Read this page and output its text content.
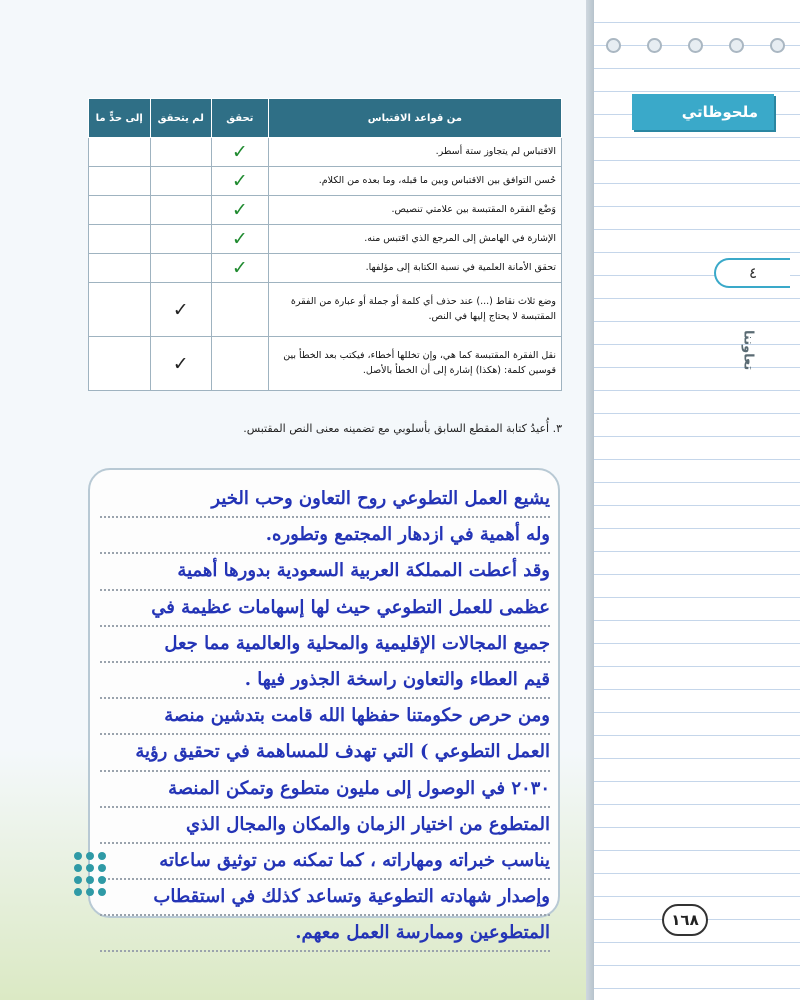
ملحوظاتي
٤
تعاوننا
من قواعد الاقتباس	تحقق	لم يتحقق	إلى حدٍّ ما
الاقتباس لم يتجاوز ستة أسطر.	✓		
حُسن التوافق بين الاقتباس وبين ما قبله، وما بعده من الكلام.	✓		
وَضْع الفقرة المقتبسة بين علامتي تنصيص.	✓		
الإشارة في الهامش إلى المرجع الذي اقتبس منه.	✓		
تحقق الأمانة العلمية في نسبة الكتابة إلى مؤلفها.	✓		
وضع ثلاث نقاط (...) عند حذف أي كلمة أو جملة أو عبارة من الفقرة المقتبسة لا يحتاج إليها في النص.		✓	
نقل الفقرة المقتبسة كما هي، وإن تخللها أخطاء، فيكتب بعد الخطأ بين قوسين كلمة: (هكذا) إشارة إلى أن الخطأ بالأصل.		✓	
٣. أُعيدُ كتابة المقطع السابق بأسلوبي مع تضمينه معنى النص المقتبس.
يشيع العمل التطوعي روح التعاون وحب الخير
وله أهمية في ازدهار المجتمع وتطوره.
وقد أعطت المملكة العربية السعودية بدورها أهمية
عظمى للعمل التطوعي حيث لها إسهامات عظيمة في
جميع المجالات الإقليمية والمحلية والعالمية مما جعل
قيم العطاء والتعاون راسخة الجذور فيها .
ومن حرص حكومتنا حفظها الله قامت بتدشين منصة
العمل التطوعي ) التي تهدف للمساهمة في تحقيق رؤية
٢٠٣٠ في الوصول إلى مليون متطوع وتمكن المنصة
المتطوع من اختيار الزمان والمكان والمجال الذي
يناسب خبراته ومهاراته ، كما تمكنه من توثيق ساعاته
وإصدار شهادته التطوعية وتساعد كذلك في استقطاب
المتطوعين وممارسة العمل معهم.
١٦٨
